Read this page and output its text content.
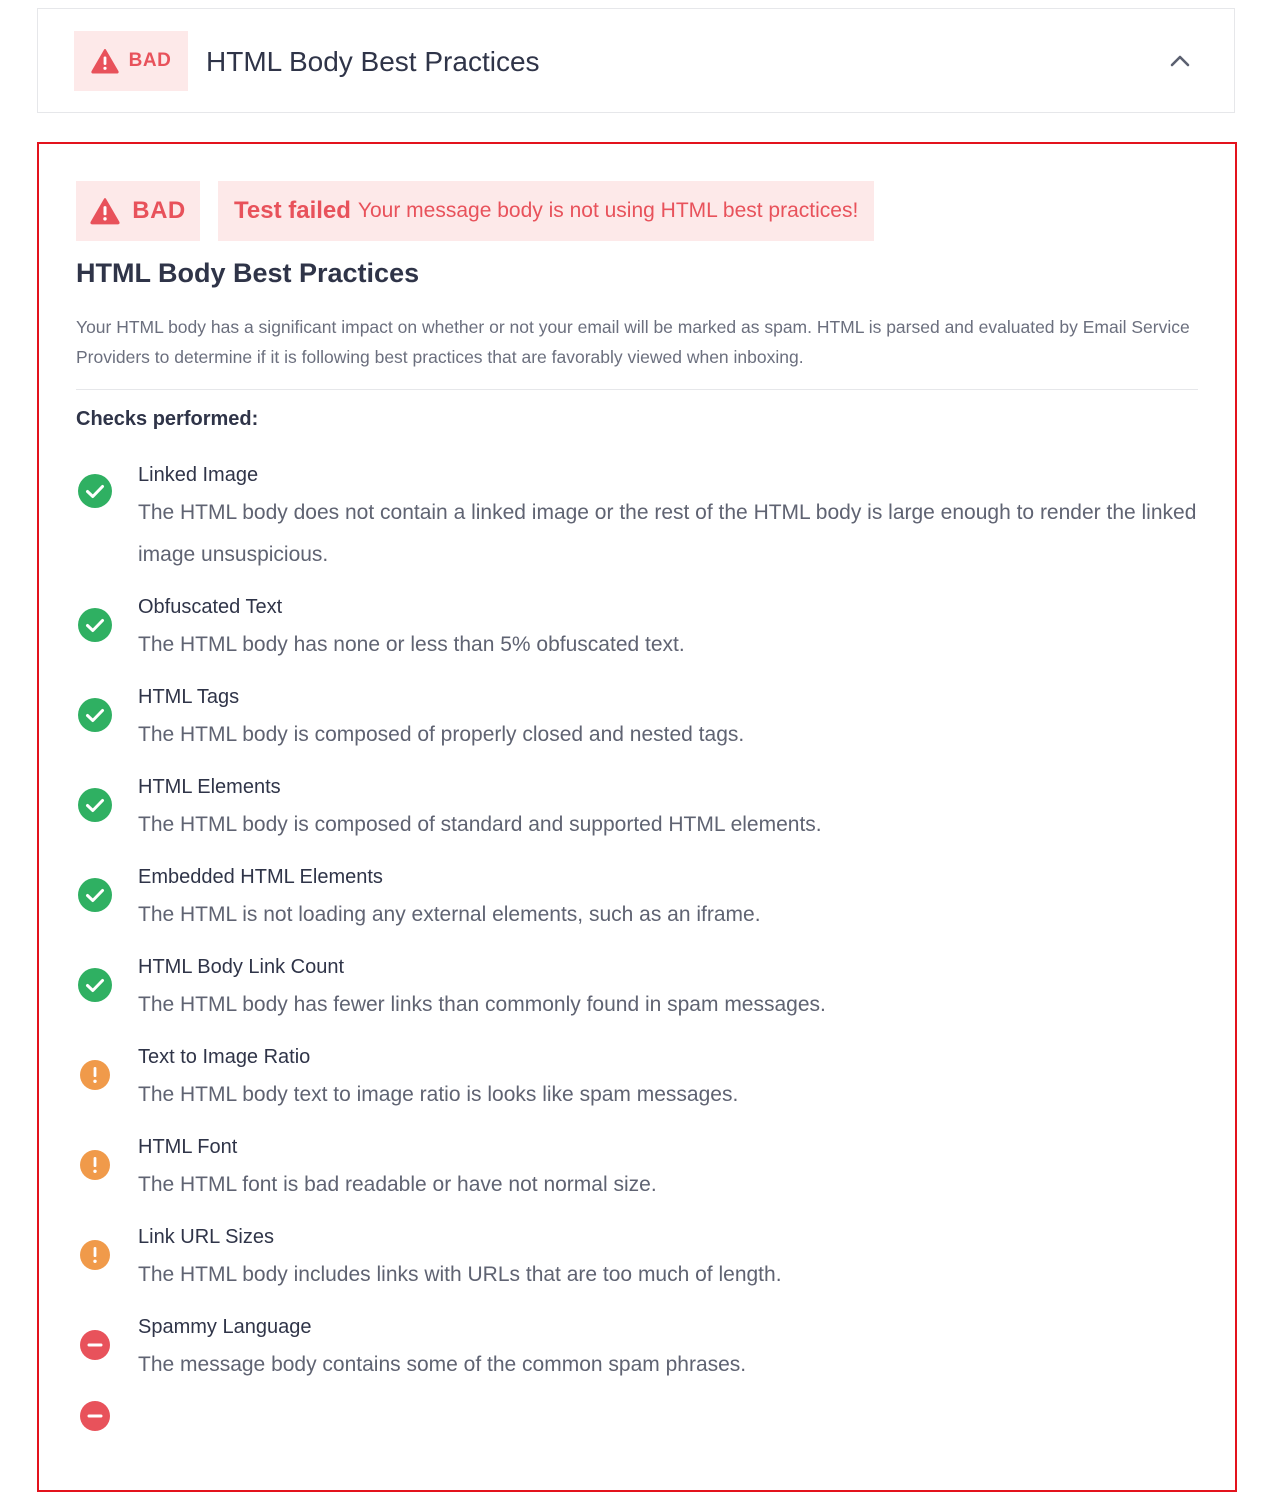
BAD HTML Body Best Practices
BAD Test failed Your message body is not using HTML best practices!
HTML Body Best Practices

Your HTML body has a significant impact on whether or not your email will be marked as spam. HTML is parsed and evaluated by Email Service Providers to determine if it is following best practices that are favorably viewed when inboxing.

Checks performed:
Linked Image
The HTML body does not contain a linked image or the rest of the HTML body is large enough to render the linked image unsuspicious.
Obfuscated Text
The HTML body has none or less than 5% obfuscated text.
HTML Tags
The HTML body is composed of properly closed and nested tags.
HTML Elements
The HTML body is composed of standard and supported HTML elements.
Embedded HTML Elements
The HTML is not loading any external elements, such as an iframe.
HTML Body Link Count
The HTML body has fewer links than commonly found in spam messages.
Text to Image Ratio
The HTML body text to image ratio is looks like spam messages.
HTML Font
The HTML font is bad readable or have not normal size.
Link URL Sizes
The HTML body includes links with URLs that are too much of length.
Spammy Language
The message body contains some of the common spam phrases.
